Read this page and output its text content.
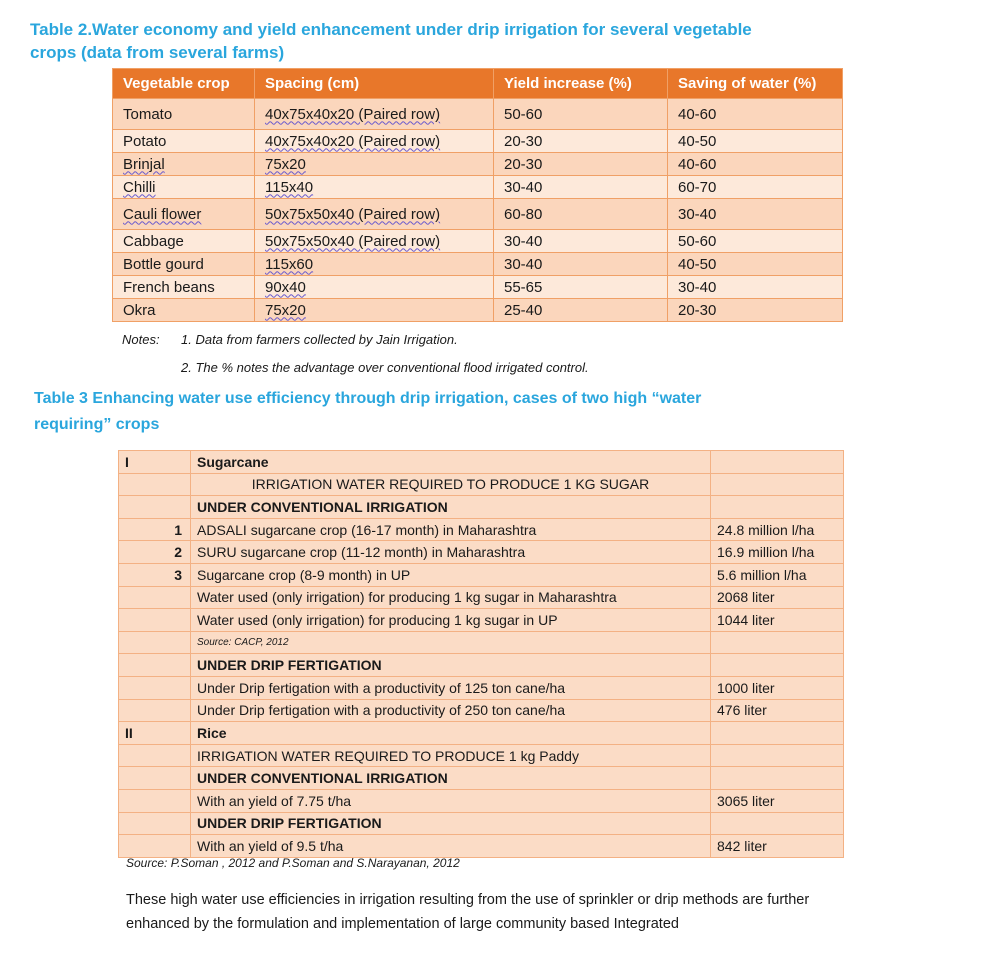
Table 2.Water economy and yield enhancement under drip irrigation for several vegetable crops (data from several farms)
Vegetable crop	Spacing (cm)	Yield increase (%)	Saving of water (%)
Tomato	40x75x40x20 (Paired row)	50-60	40-60
Potato	40x75x40x20 (Paired row)	20-30	40-50
Brinjal	75x20	20-30	40-60
Chilli	115x40	30-40	60-70
Cauli flower	50x75x50x40 (Paired row)	60-80	30-40
Cabbage	50x75x50x40 (Paired row)	30-40	50-60
Bottle gourd	115x60	30-40	40-50
French beans	90x40	55-65	30-40
Okra	75x20	25-40	20-30
Notes: 1. Data from farmers collected by Jain Irrigation.
2. The % notes the advantage over conventional flood irrigated control.
Table 3 Enhancing water use efficiency through drip irrigation, cases of two high “water requiring” crops
I		Sugarcane	
		IRRIGATION WATER REQUIRED TO PRODUCE 1 KG SUGAR	
		UNDER CONVENTIONAL IRRIGATION	
1		ADSALI sugarcane crop (16-17 month) in Maharashtra	24.8 million l/ha
2		SURU sugarcane crop (11-12 month) in Maharashtra	16.9 million l/ha
3		Sugarcane crop (8-9 month) in UP	5.6 million l/ha
		Water used (only irrigation) for producing 1 kg sugar in Maharashtra	2068 liter
		Water used (only irrigation) for producing 1 kg sugar in UP	1044 liter
		Source: CACP, 2012	
		UNDER DRIP FERTIGATION	
		Under Drip fertigation with a productivity of 125 ton cane/ha	1000 liter
		Under Drip fertigation with a productivity of 250 ton cane/ha	476 liter
II		Rice	
		IRRIGATION WATER REQUIRED TO PRODUCE 1 kg Paddy	
		UNDER CONVENTIONAL IRRIGATION	
		With an yield of 7.75 t/ha	3065 liter
		UNDER DRIP FERTIGATION	
		With an yield of 9.5 t/ha	842 liter
Source: P.Soman , 2012 and P.Soman and S.Narayanan, 2012
These high water use efficiencies in irrigation resulting from the use of sprinkler or drip methods are further enhanced by the formulation and implementation of large community based Integrated
